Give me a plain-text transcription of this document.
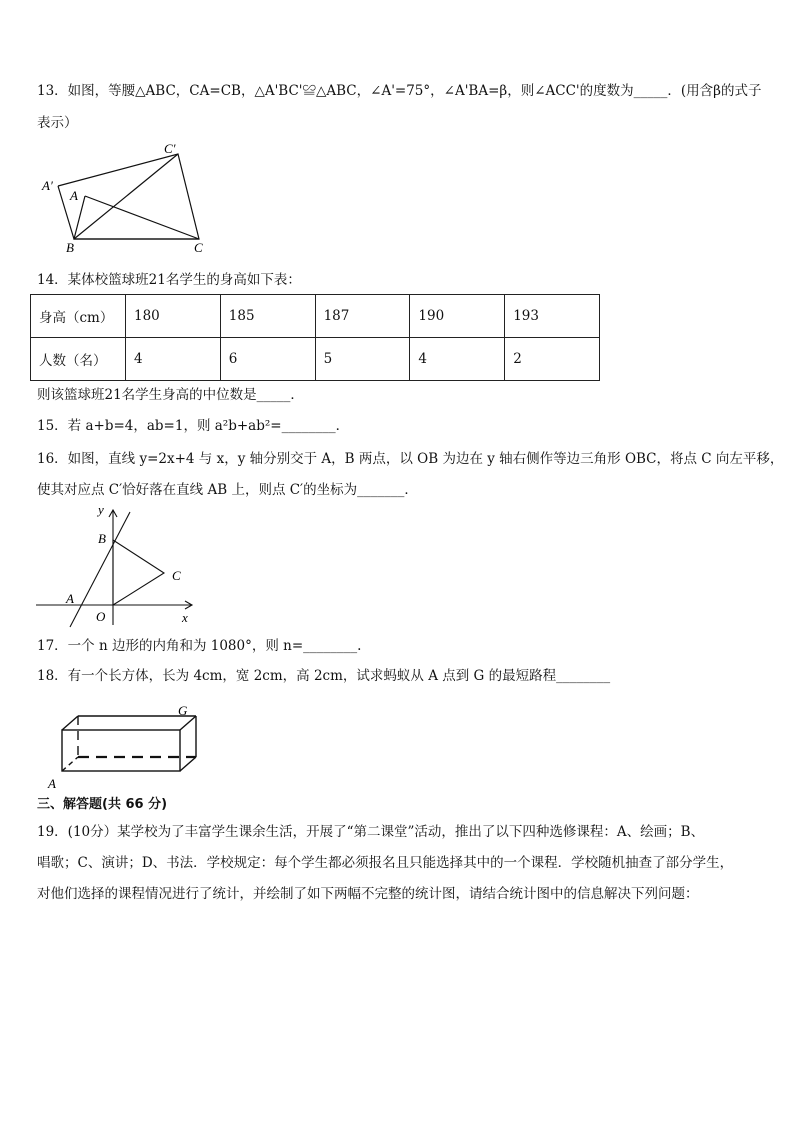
13．如图，等腰△ABC，CA=CB，△A'BC'≌△ABC，∠A'=75°，∠A'BA=β，则∠ACC'的度数为_____．(用含β的式子
表示）
C′
A′
A
B	C
14．某体校篮球班21名学生的身高如下表：
身高（cm）	180	185	187	190	193
人数（名）	4	6	5	4	2
则该篮球班21名学生身高的中位数是_____．
15．若 a+b=4，ab=1，则 a²b+ab²=________．
16．如图，直线 y=2x+4 与 x，y 轴分别交于 A，B 两点，以 OB 为边在 y 轴右侧作等边三角形 OBC，将点 C 向左平移，
使其对应点 C′恰好落在直线 AB 上，则点 C′的坐标为_______．
y
x
B
C
A
O
17．一个 n 边形的内角和为 1080°，则 n=________.
18．有一个长方体，长为 4cm，宽 2cm，高 2cm，试求蚂蚁从 A 点到 G 的最短路程________
G
A
三、解答题(共 66 分)
19．(10分）某学校为了丰富学生课余生活，开展了“第二课堂”活动，推出了以下四种选修课程：A、绘画；B、
唱歌；C、演讲；D、书法．学校规定：每个学生都必须报名且只能选择其中的一个课程．学校随机抽查了部分学生，
对他们选择的课程情况进行了统计，并绘制了如下两幅不完整的统计图，请结合统计图中的信息解决下列问题：
